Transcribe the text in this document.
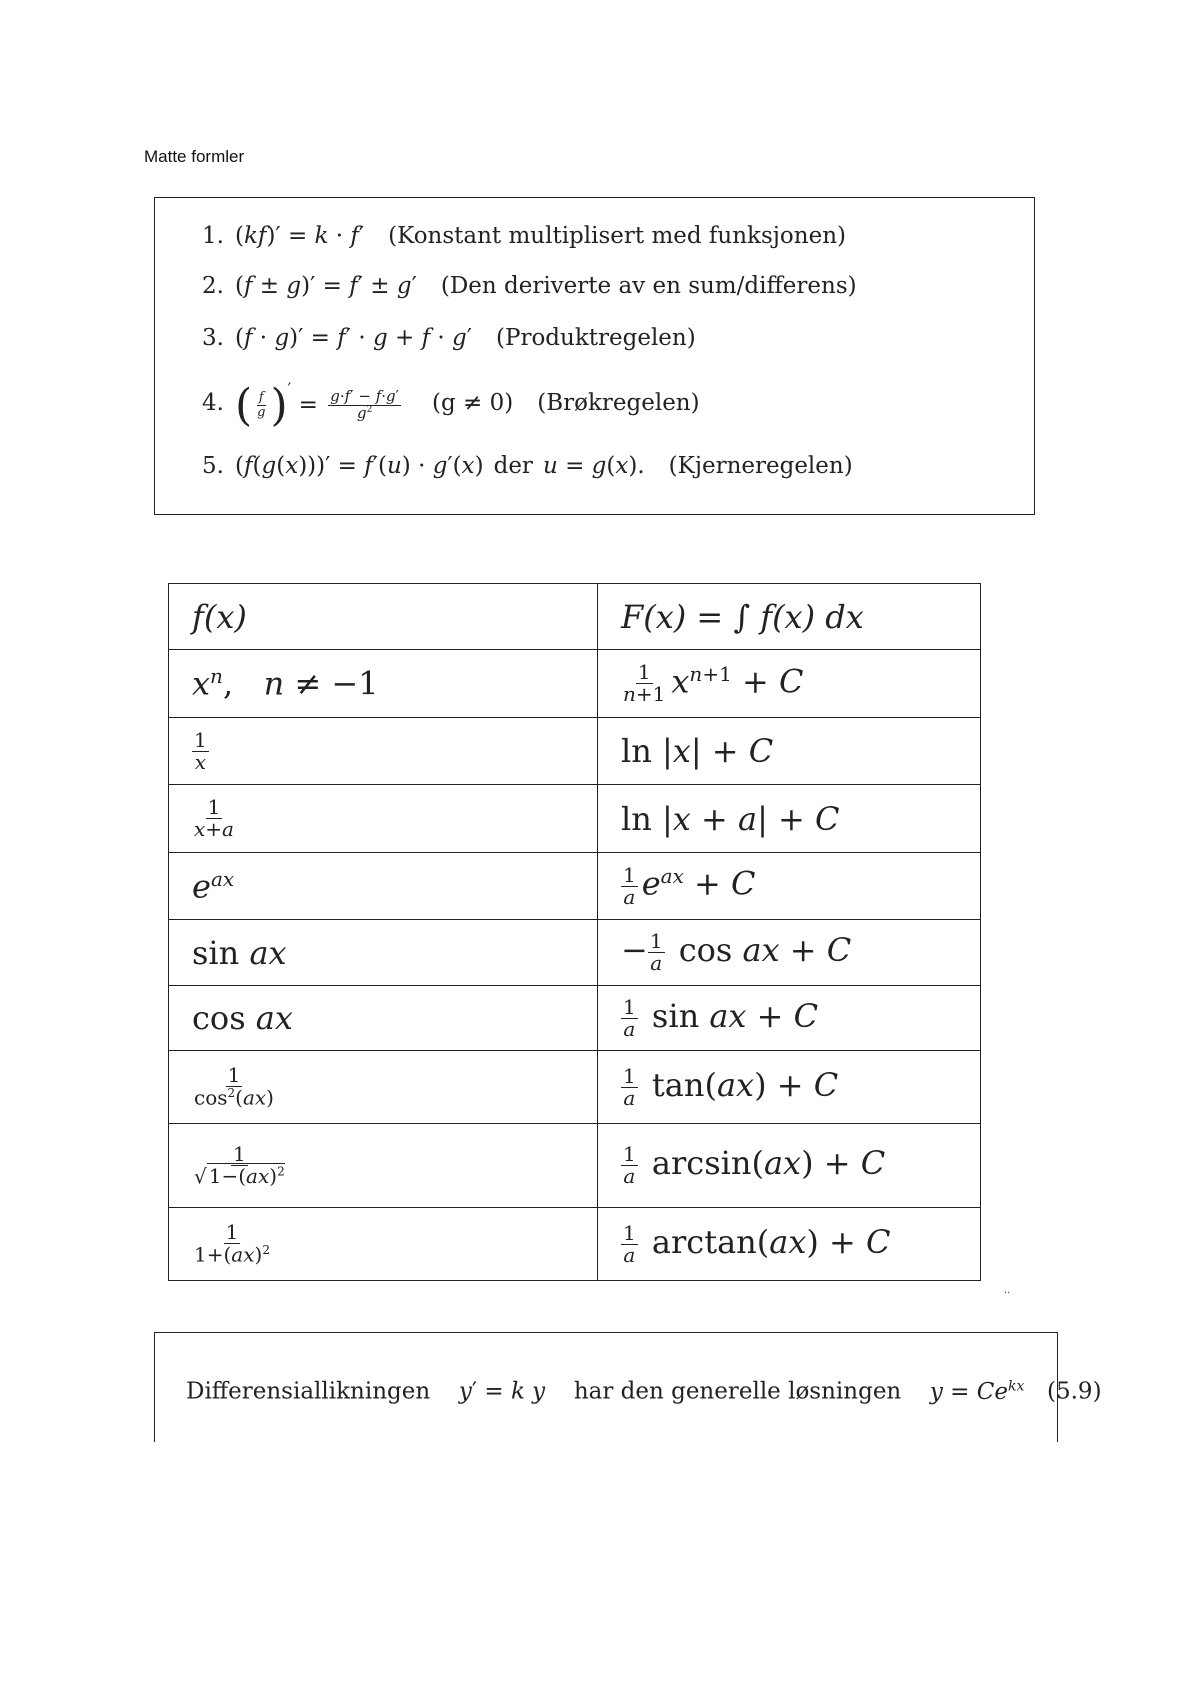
Matte formler
1. (kf)′ = k · f′ (Konstant multiplisert med funksjonen)
2. (f ± g)′ = f′ ± g′ (Den deriverte av en sum/differens)
3. (f · g)′ = f′ · g + f · g′ (Produktregelen)
4. ( $\frac{f}{g} )' = \frac{g\cdot f' - f\cdot g'}{g^2} (g \ne 0)$ (Brøkregelen)
5. (f(g(x)))′ = f′(u) · g′(x) der u = g(x). (Kjerneregelen)
f(x)	F(x) = ∫ f(x) dx
$x^n$,   n ≠ −1	$\frac{1}{n+1} x^{n+1} + C$

$\frac{1}{x}$	ln |x| + C

$\frac{1}{x+a}$	ln |x + a| + C
$e^{ax}$	$\frac{1}{a} e^{ax} + C$
sin ax	− $\frac{1}{a}$ cos ax + C
cos ax	$\frac{1}{a}$ sin ax + C

$\frac{1}{\cos^2(ax)}$	$\frac{1}{a} \tan(ax) + C$

$\frac{1}{√ 1-(ax)^2}$	$\frac{1}{a} \arcsin(ax) + C$

$\frac{1}{1+(ax)^2}$	$\frac{1}{a} \arctan(ax) + C$
..
Differensiallikningen y′ = k y har den generelle løsningen $y = Ce^{kx}$ (5.9)
